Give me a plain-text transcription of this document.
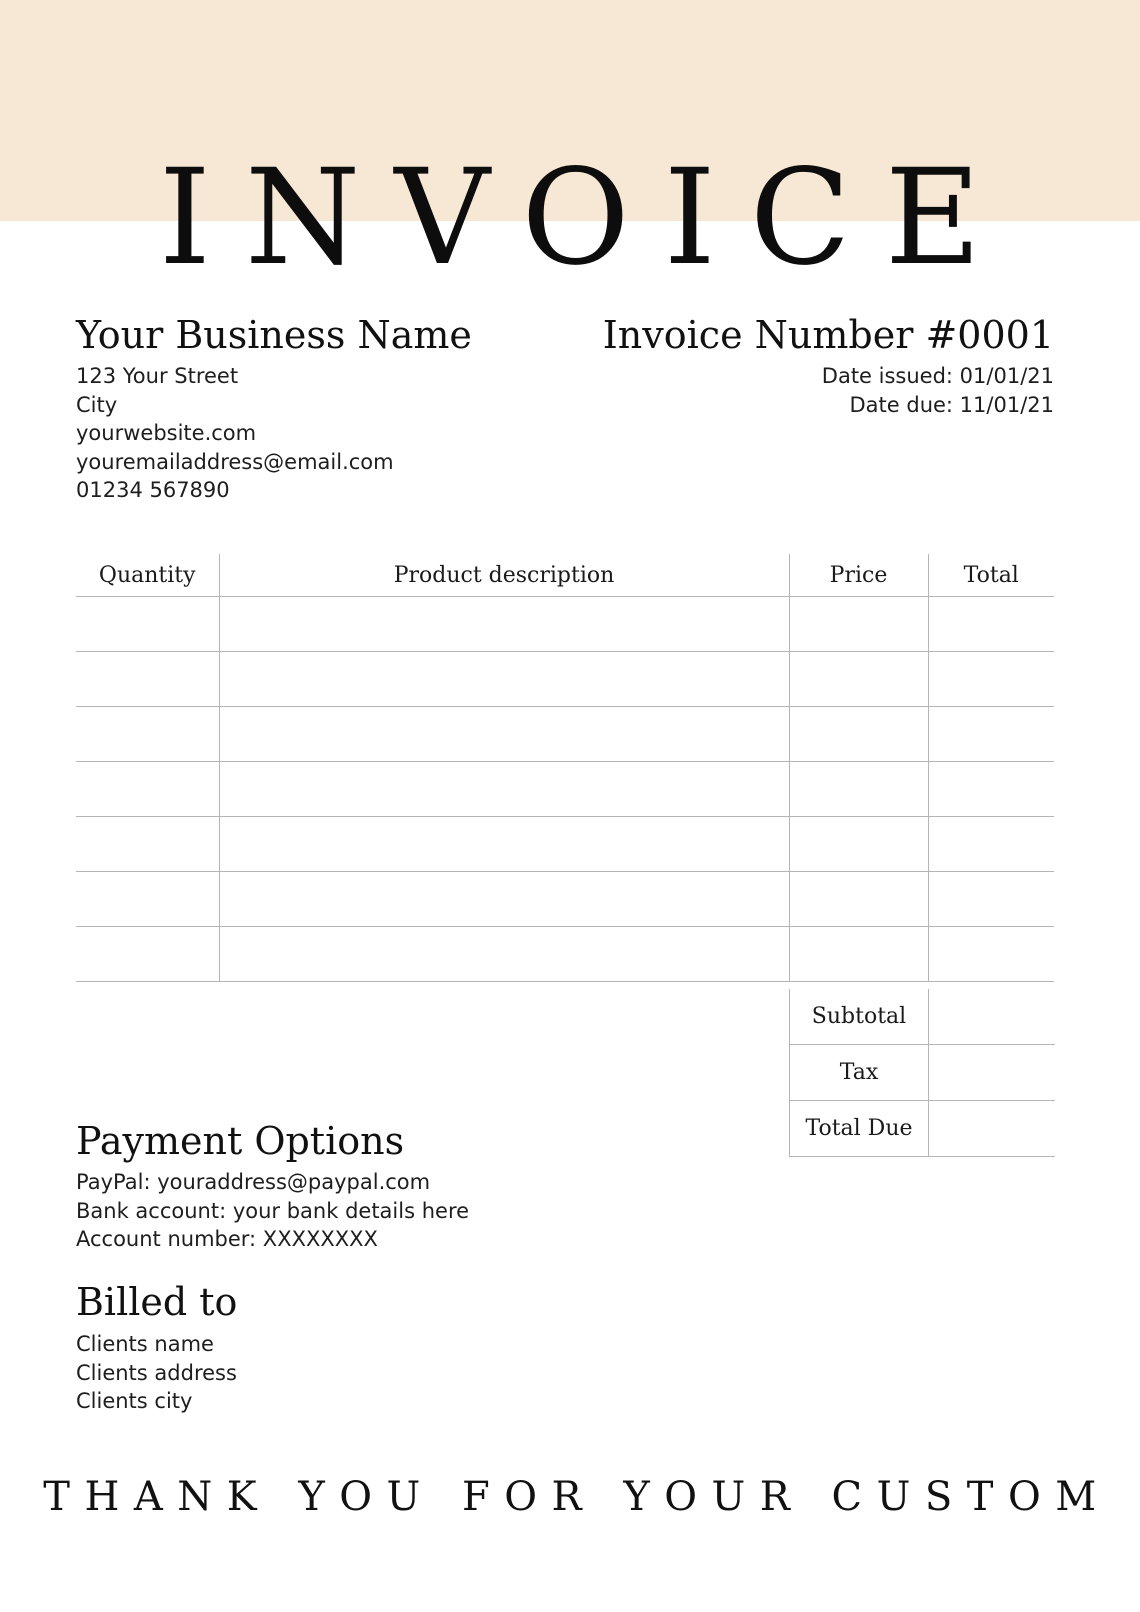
INVOICE
Your Business Name
123 Your Street
City
yourwebsite.com
youremailaddress@email.com
01234 567890
Invoice Number #0001
Date issued: 01/01/21
Date due: 11/01/21
Quantity	Product description	Price	Total

Subtotal	
Tax	
Total Due	
Payment Options
PayPal: youraddress@paypal.com
Bank account: your bank details here
Account number: XXXXXXXX
Billed to
Clients name
Clients address
Clients city
THANK YOU FOR YOUR CUSTOM
